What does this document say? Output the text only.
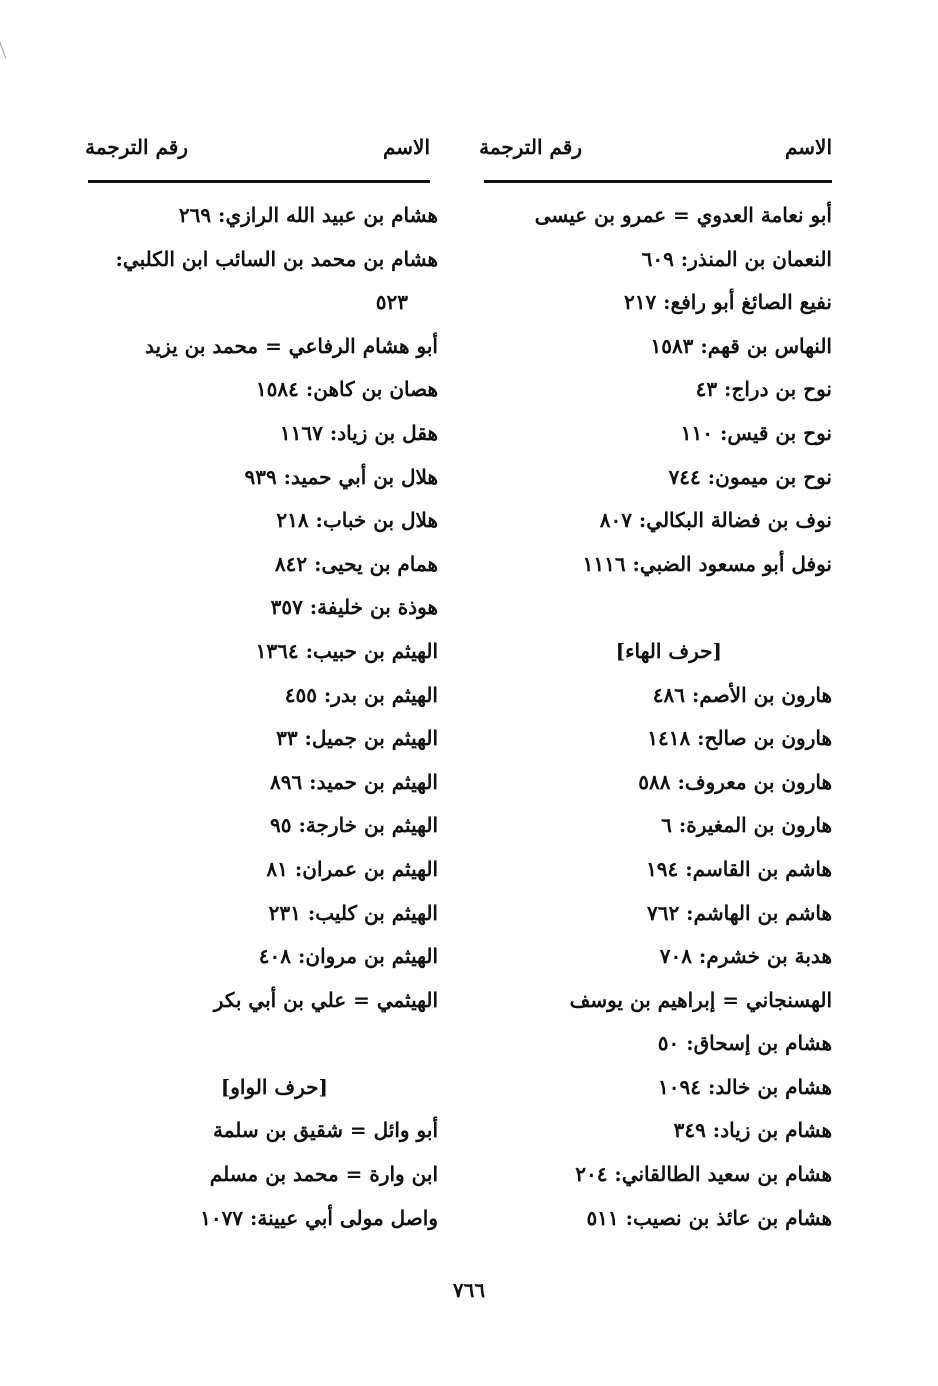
الاسم
رقم الترجمة
أبو نعامة العدوي = عمرو بن عيسى
النعمان بن المنذر: ٦٠٩
نفيع الصائغ أبو رافع: ٢١٧
النهاس بن قهم: ١٥٨٣
نوح بن دراج: ٤٣
نوح بن قيس: ١١٠
نوح بن ميمون: ٧٤٤
نوف بن فضالة البكالي: ٨٠٧
نوفل أبو مسعود الضبي: ١١١٦
[حرف الهاء]
هارون بن الأصم: ٤٨٦
هارون بن صالح: ١٤١٨
هارون بن معروف: ٥٨٨
هارون بن المغيرة: ٦
هاشم بن القاسم: ١٩٤
هاشم بن الهاشم: ٧٦٢
هدبة بن خشرم: ٧٠٨
الهسنجاني = إبراهيم بن يوسف
هشام بن إسحاق: ٥٠
هشام بن خالد: ١٠٩٤
هشام بن زياد: ٣٤٩
هشام بن سعيد الطالقاني: ٢٠٤
هشام بن عائذ بن نصيب: ٥١١
الاسم
رقم الترجمة
هشام بن عبيد الله الرازي: ٢٦٩
هشام بن محمد بن السائب ابن الكلبي:
٥٢٣
أبو هشام الرفاعي = محمد بن يزيد
هصان بن كاهن: ١٥٨٤
هقل بن زياد: ١١٦٧
هلال بن أبي حميد: ٩٣٩
هلال بن خباب: ٢١٨
همام بن يحيى: ٨٤٢
هوذة بن خليفة: ٣٥٧
الهيثم بن حبيب: ١٣٦٤
الهيثم بن بدر: ٤٥٥
الهيثم بن جميل: ٣٣
الهيثم بن حميد: ٨٩٦
الهيثم بن خارجة: ٩٥
الهيثم بن عمران: ٨١
الهيثم بن كليب: ٢٣١
الهيثم بن مروان: ٤٠٨
الهيثمي = علي بن أبي بكر
[حرف الواو]
أبو وائل = شقيق بن سلمة
ابن وارة = محمد بن مسلم
واصل مولى أبي عيينة: ١٠٧٧
٧٦٦
